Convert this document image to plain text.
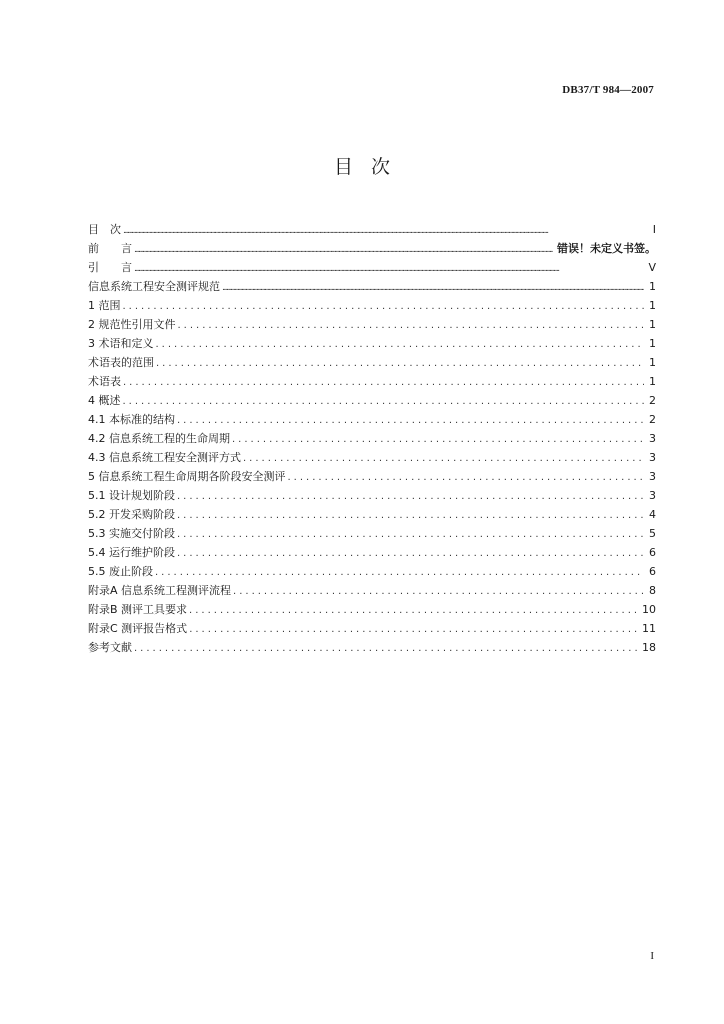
DB37/T 984—2007
目次
目　次 .....	I
前　　言 .....	错误！未定义书签。
引　　言 .....	V
信息系统工程安全测评规范 .....	1
1 范围 .....	1
2 规范性引用文件 .....	1
3 术语和定义 .....	1
术语表的范围 .....	1
术语表 .....	1
4 概述 .....	2
4.1 本标准的结构 .....	2
4.2 信息系统工程的生命周期 .....	3
4.3 信息系统工程安全测评方式 .....	3
5 信息系统工程生命周期各阶段安全测评 .....	3
5.1 设计规划阶段 .....	3
5.2 开发采购阶段 .....	4
5.3 实施交付阶段 .....	5
5.4 运行维护阶段 .....	6
5.5 废止阶段 .....	6
附录A 信息系统工程测评流程 .....	8
附录B 测评工具要求 .....	10
附录C 测评报告格式 .....	11
参考文献 .....	18
I
